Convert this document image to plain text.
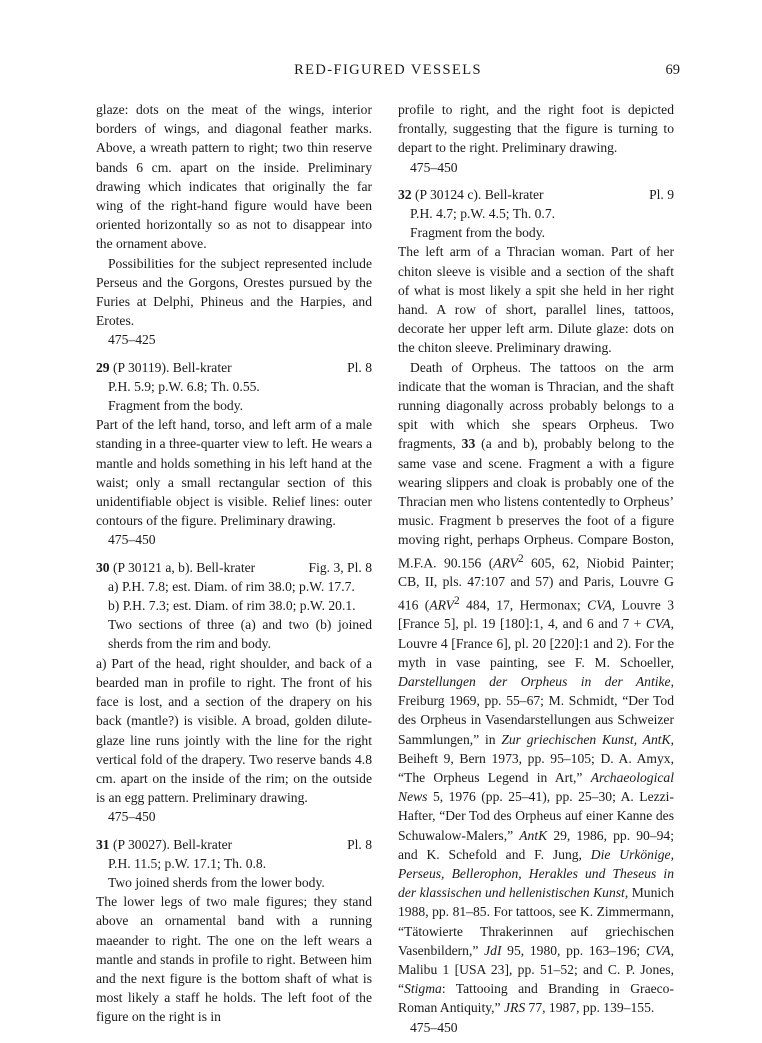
RED-FIGURED VESSELS	69

glaze: dots on the meat of the wings, interior borders of wings, and diagonal feather marks. Above, a wreath pattern to right; two thin reserve bands 6 cm. apart on the inside. Preliminary drawing which indicates that originally the far wing of the right-hand figure would have been oriented horizontally so as not to disappear into the ornament above.

Possibilities for the subject represented include Perseus and the Gorgons, Orestes pursued by the Furies at Delphi, Phineus and the Harpies, and Erotes.

475–425

29 (P 30119). Bell-krater	Pl. 8

P.H. 5.9; p.W. 6.8; Th. 0.55.

Fragment from the body.

Part of the left hand, torso, and left arm of a male standing in a three-quarter view to left. He wears a mantle and holds something in his left hand at the waist; only a small rectangular section of this unidentifiable object is visible. Relief lines: outer contours of the figure. Preliminary drawing.

475–450

30 (P 30121 a, b). Bell-krater	Fig. 3, Pl. 8

a) P.H. 7.8; est. Diam. of rim 38.0; p.W. 17.7.

b) P.H. 7.3; est. Diam. of rim 38.0; p.W. 20.1.

Two sections of three (a) and two (b) joined sherds from the rim and body.

a) Part of the head, right shoulder, and back of a bearded man in profile to right. The front of his face is lost, and a section of the drapery on his back (mantle?) is visible. A broad, golden dilute-glaze line runs jointly with the line for the right vertical fold of the drapery. Two reserve bands 4.8 cm. apart on the inside of the rim; on the outside is an egg pattern. Preliminary drawing.

475–450

31 (P 30027). Bell-krater	Pl. 8

P.H. 11.5; p.W. 17.1; Th. 0.8.

Two joined sherds from the lower body.

The lower legs of two male figures; they stand above an ornamental band with a running maeander to right. The one on the left wears a mantle and stands in profile to right. Between him and the next figure is the bottom shaft of what is most likely a staff he holds. The left foot of the figure on the right is in

profile to right, and the right foot is depicted frontally, suggesting that the figure is turning to depart to the right. Preliminary drawing.

475–450

32 (P 30124 c). Bell-krater	Pl. 9

P.H. 4.7; p.W. 4.5; Th. 0.7.

Fragment from the body.

The left arm of a Thracian woman. Part of her chiton sleeve is visible and a section of the shaft of what is most likely a spit she held in her right hand. A row of short, parallel lines, tattoos, decorate her upper left arm. Dilute glaze: dots on the chiton sleeve. Preliminary drawing.

Death of Orpheus. The tattoos on the arm indicate that the woman is Thracian, and the shaft running diagonally across probably belongs to a spit with which she spears Orpheus. Two fragments, 33 (a and b), probably belong to the same vase and scene. Fragment a with a figure wearing slippers and cloak is probably one of the Thracian men who listens contentedly to Orpheus’ music. Fragment b preserves the foot of a figure moving right, perhaps Orpheus. Compare Boston, M.F.A. 90.156 (ARV$^2$ 605, 62, Niobid Painter; CB, II, pls. 47:107 and 57) and Paris, Louvre G 416 (ARV$^2$ 484, 17, Hermonax; CVA, Louvre 3 [France 5], pl. 19 [180]:1, 4, and 6 and 7 + CVA, Louvre 4 [France 6], pl. 20 [220]:1 and 2). For the myth in vase painting, see F. M. Schoeller, Darstellungen der Orpheus in der Antike, Freiburg 1969, pp. 55–67; M. Schmidt, “Der Tod des Orpheus in Vasendarstellungen aus Schweizer Sammlungen,” in Zur griechischen Kunst, AntK, Beiheft 9, Bern 1973, pp. 95–105; D. A. Amyx, “The Orpheus Legend in Art,” Archaeological News 5, 1976 (pp. 25–41), pp. 25–30; A. Lezzi-Hafter, “Der Tod des Orpheus auf einer Kanne des Schuwalow-Malers,” AntK 29, 1986, pp. 90–94; and K. Schefold and F. Jung, Die Urkönige, Perseus, Bellerophon, Herakles und Theseus in der klassischen und hellenistischen Kunst, Munich 1988, pp. 81–85. For tattoos, see K. Zimmermann, “Tätowierte Thrakerinnen auf griechischen Vasenbildern,” JdI 95, 1980, pp. 163–196; CVA, Malibu 1 [USA 23], pp. 51–52; and C. P. Jones, “Stigma: Tattooing and Branding in Graeco-Roman Antiquity,” JRS 77, 1987, pp. 139–155.

475–450
